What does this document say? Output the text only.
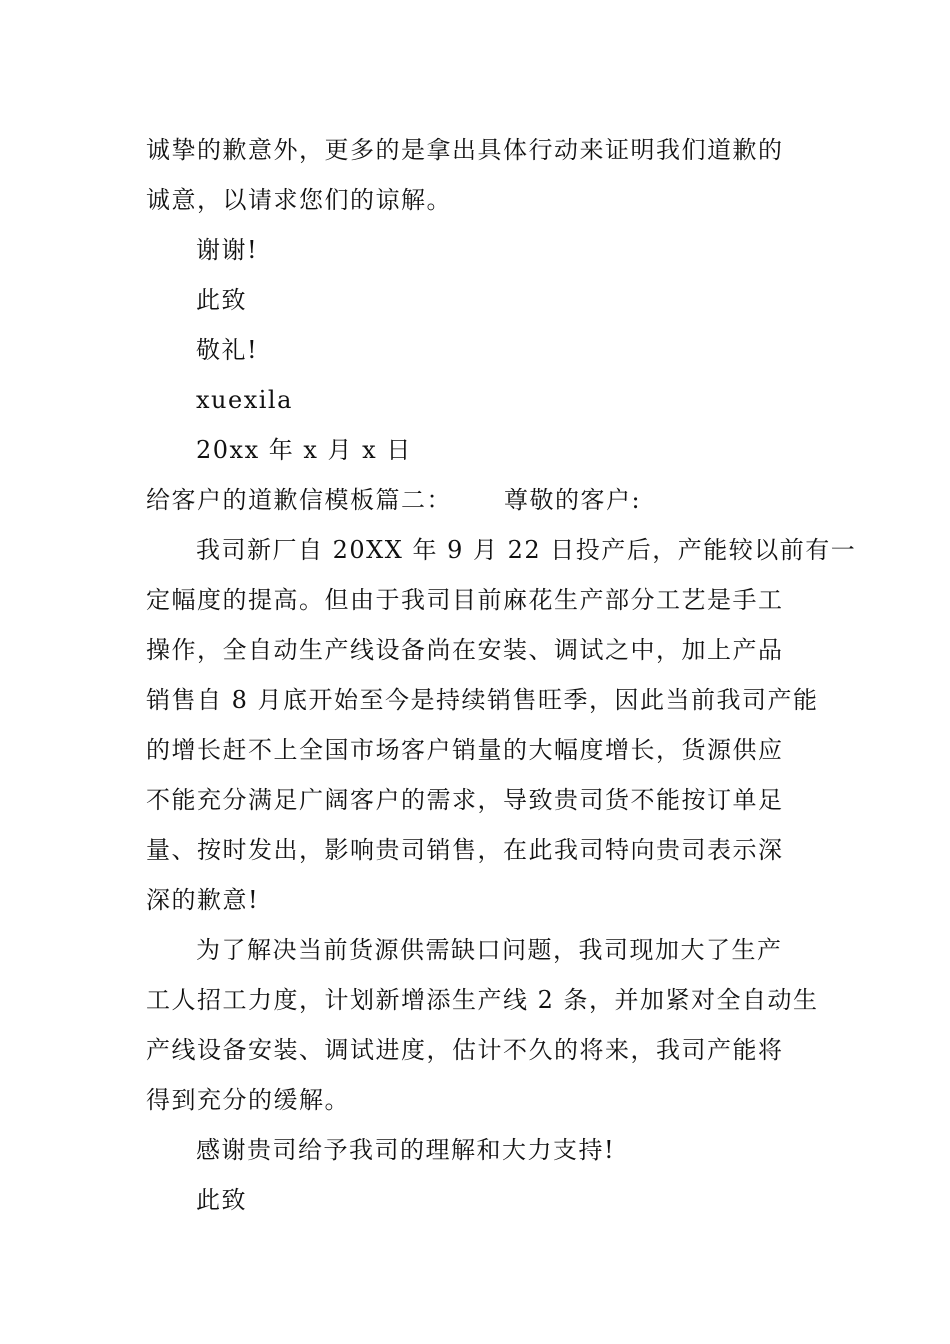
诚挚的歉意外，更多的是拿出具体行动来证明我们道歉的
诚意，以请求您们的谅解。
谢谢!
此致
敬礼!
xuexila
20xx 年 x 月 x 日
给客户的道歉信模板篇二： 尊敬的客户:
我司新厂自 20XX 年 9 月 22 日投产后，产能较以前有一
定幅度的提高。但由于我司目前麻花生产部分工艺是手工
操作，全自动生产线设备尚在安装、调试之中，加上产品
销售自 8 月底开始至今是持续销售旺季，因此当前我司产能
的增长赶不上全国市场客户销量的大幅度增长，货源供应
不能充分满足广阔客户的需求，导致贵司货不能按订单足
量、按时发出，影响贵司销售，在此我司特向贵司表示深
深的歉意!
为了解决当前货源供需缺口问题，我司现加大了生产
工人招工力度，计划新增添生产线 2 条，并加紧对全自动生
产线设备安装、调试进度，估计不久的将来，我司产能将
得到充分的缓解。
感谢贵司给予我司的理解和大力支持!
此致
